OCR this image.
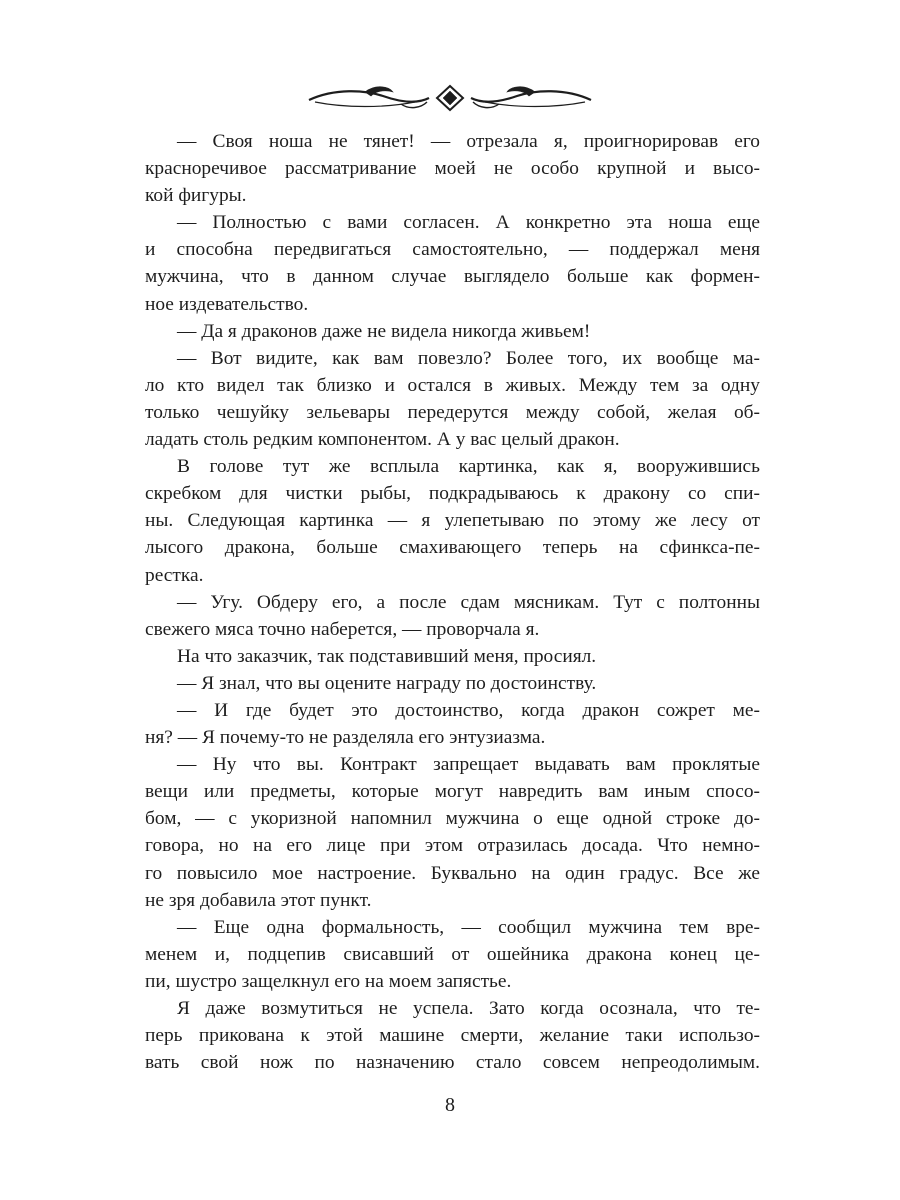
— Своя ноша не тянет! — отрезала я, проигнорировав его
красноречивое рассматривание моей не особо крупной и высо-
кой фигуры.
— Полностью с вами согласен. А конкретно эта ноша еще
и способна передвигаться самостоятельно, — поддержал меня
мужчина, что в данном случае выглядело больше как формен-
ное издевательство.
— Да я драконов даже не видела никогда живьем!
— Вот видите, как вам повезло? Более того, их вообще ма-
ло кто видел так близко и остался в живых. Между тем за одну
только чешуйку зельевары передерутся между собой, желая об-
ладать столь редким компонентом. А у вас целый дракон.
В голове тут же всплыла картинка, как я, вооружившись
скребком для чистки рыбы, подкрадываюсь к дракону со спи-
ны. Следующая картинка — я улепетываю по этому же лесу от
лысого дракона, больше смахивающего теперь на сфинкса-пе-
рестка.
— Угу. Обдеру его, а после сдам мясникам. Тут с полтонны
свежего мяса точно наберется, — проворчала я.
На что заказчик, так подставивший меня, просиял.
— Я знал, что вы оцените награду по достоинству.
— И где будет это достоинство, когда дракон сожрет ме-
ня? — Я почему-то не разделяла его энтузиазма.
— Ну что вы. Контракт запрещает выдавать вам проклятые
вещи или предметы, которые могут навредить вам иным спосо-
бом, — с укоризной напомнил мужчина о еще одной строке до-
говора, но на его лице при этом отразилась досада. Что немно-
го повысило мое настроение. Буквально на один градус. Все же
не зря добавила этот пункт.
— Еще одна формальность, — сообщил мужчина тем вре-
менем и, подцепив свисавший от ошейника дракона конец це-
пи, шустро защелкнул его на моем запястье.
Я даже возмутиться не успела. Зато когда осознала, что те-
перь прикована к этой машине смерти, желание таки использо-
вать свой нож по назначению стало совсем непреодолимым.
8
